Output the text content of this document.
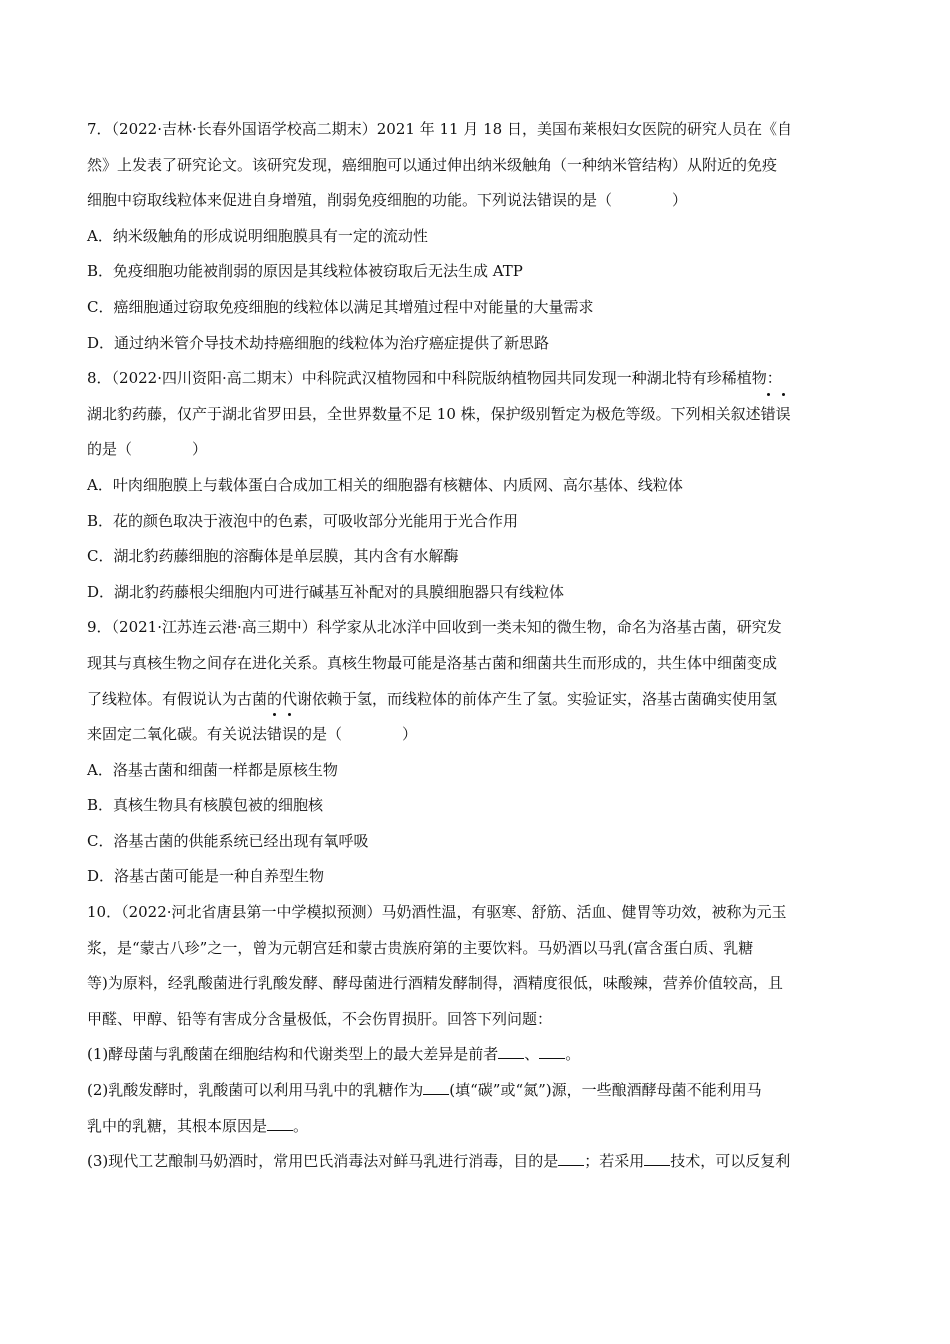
7．（2022·吉林·长春外国语学校高二期末）2021 年 11 月 18 日，美国布莱根妇女医院的研究人员在《自

然》上发表了研究论文。该研究发现，癌细胞可以通过伸出纳米级触角（一种纳米管结构）从附近的免疫

细胞中窃取线粒体来促进自身增殖，削弱免疫细胞的功能。下列说法错误的是（　　　　）

A．纳米级触角的形成说明细胞膜具有一定的流动性

B．免疫细胞功能被削弱的原因是其线粒体被窃取后无法生成 ATP

C．癌细胞通过窃取免疫细胞的线粒体以满足其增殖过程中对能量的大量需求

D．通过纳米管介导技术劫持癌细胞的线粒体为治疗癌症提供了新思路

8．（2022·四川资阳·高二期末）中科院武汉植物园和中科院版纳植物园共同发现一种湖北特有珍稀植物：

湖北豹药藤，仅产于湖北省罗田县，全世界数量不足 10 株，保护级别暂定为极危等级。下列相关叙述错误

的是（　　　　）

A．叶肉细胞膜上与载体蛋白合成加工相关的细胞器有核糖体、内质网、高尔基体、线粒体

B．花的颜色取决于液泡中的色素，可吸收部分光能用于光合作用

C．湖北豹药藤细胞的溶酶体是单层膜，其内含有水解酶

D．湖北豹药藤根尖细胞内可进行碱基互补配对的具膜细胞器只有线粒体

9．（2021·江苏连云港·高三期中）科学家从北冰洋中回收到一类未知的微生物，命名为洛基古菌，研究发

现其与真核生物之间存在进化关系。真核生物最可能是洛基古菌和细菌共生而形成的，共生体中细菌变成

了线粒体。有假说认为古菌的代谢依赖于氢，而线粒体的前体产生了氢。实验证实，洛基古菌确实使用氢

来固定二氧化碳。有关说法错误的是（　　　　）

A．洛基古菌和细菌一样都是原核生物

B．真核生物具有核膜包被的细胞核

C．洛基古菌的供能系统已经出现有氧呼吸

D．洛基古菌可能是一种自养型生物

10．（2022·河北省唐县第一中学模拟预测）马奶酒性温，有驱寒、舒筋、活血、健胃等功效，被称为元玉

浆，是“蒙古八珍”之一，曾为元朝宫廷和蒙古贵族府第的主要饮料。马奶酒以马乳(富含蛋白质、乳糖

等)为原料，经乳酸菌进行乳酸发酵、酵母菌进行酒精发酵制得，酒精度很低，味酸辣，营养价值较高，且

甲醛、甲醇、铅等有害成分含量极低，不会伤胃损肝。回答下列问题：

(1)酵母菌与乳酸菌在细胞结构和代谢类型上的最大差异是前者 、 。

(2)乳酸发酵时，乳酸菌可以利用马乳中的乳糖作为 (填“碳”或“氮”)源，一些酿酒酵母菌不能利用马

乳中的乳糖，其根本原因是 。

(3)现代工艺酿制马奶酒时，常用巴氏消毒法对鲜马乳进行消毒，目的是 ；若采用 技术，可以反复利
